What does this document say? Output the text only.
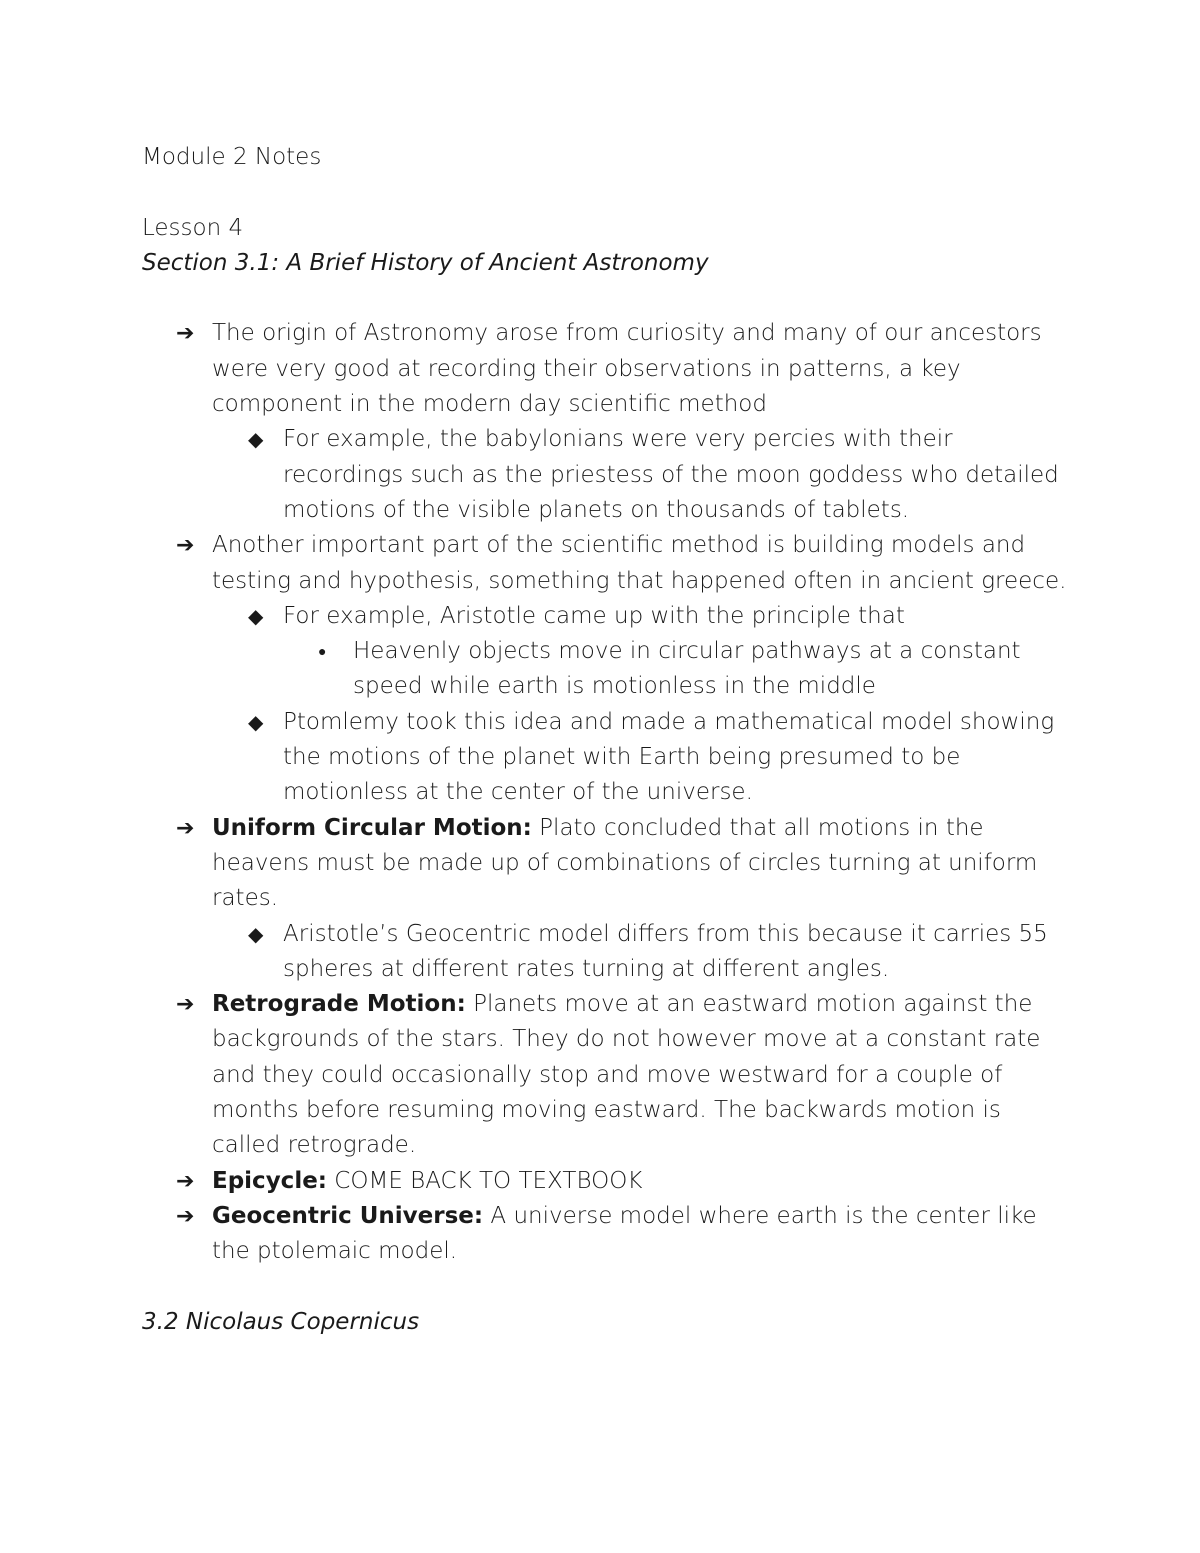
Module 2 Notes

Lesson 4

Section 3.1: A Brief History of Ancient Astronomy

➔ The origin of Astronomy arose from curiosity and many of our ancestors were very good at recording their observations in patterns, a key component in the modern day scientific method
◆ For example, the babylonians were very percies with their recordings such as the priestess of the moon goddess who detailed motions of the visible planets on thousands of tablets.
➔ Another important part of the scientific method is building models and testing and hypothesis, something that happened often in ancient greece.
◆ For example, Aristotle came up with the principle that
● Heavenly objects move in circular pathways at a constant speed while earth is motionless in the middle
◆ Ptomlemy took this idea and made a mathematical model showing the motions of the planet with Earth being presumed to be motionless at the center of the universe.
➔ Uniform Circular Motion: Plato concluded that all motions in the heavens must be made up of combinations of circles turning at uniform rates.
◆ Aristotle’s Geocentric model differs from this because it carries 55 spheres at different rates turning at different angles.
➔ Retrograde Motion: Planets move at an eastward motion against the backgrounds of the stars. They do not however move at a constant rate and they could occasionally stop and move westward for a couple of months before resuming moving eastward. The backwards motion is called retrograde.
➔ Epicycle: COME BACK TO TEXTBOOK
➔ Geocentric Universe: A universe model where earth is the center like the ptolemaic model.

3.2 Nicolaus Copernicus
